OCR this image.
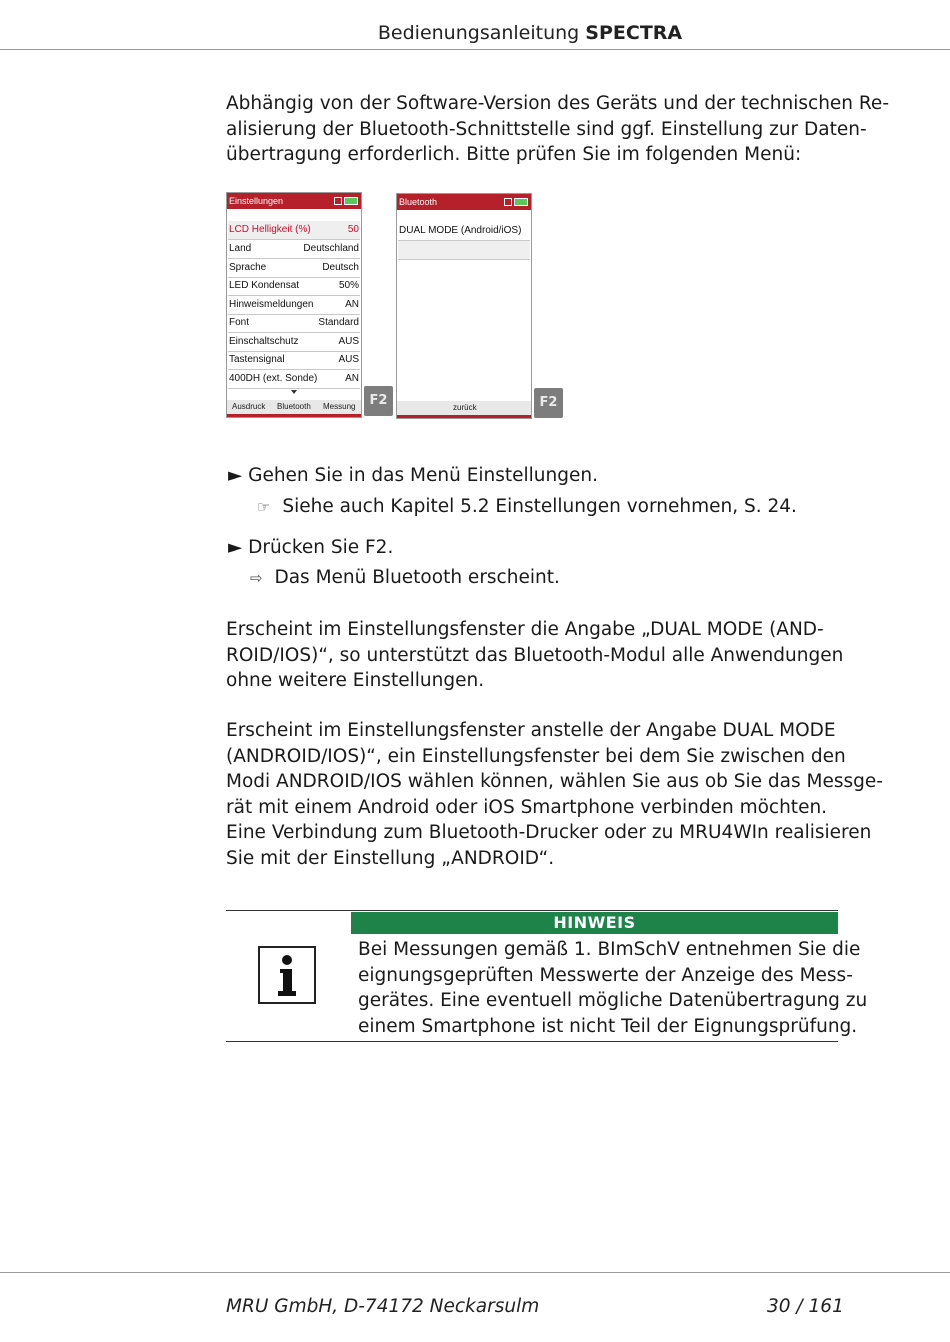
Bedienungsanleitung SPECTRA
Abhängig von der Software-Version des Geräts und der technischen Re-
alisierung der Bluetooth-Schnittstelle sind ggf. Einstellung zur Daten-
übertragung erforderlich. Bitte prüfen Sie im folgenden Menü:
Einstellungen
LCD Helligkeit (%)	50
Land	Deutschland
Sprache	Deutsch
LED Kondensat	50%
Hinweismeldungen	AN
Font	Standard
Einschaltschutz	AUS
Tastensignal	AUS
400DH (ext. Sonde)	AN
Ausdruck Bluetooth Messung	F2
Bluetooth
DUAL MODE (Android/iOS)
zurück	F2
► Gehen Sie in das Menü Einstellungen.
☞ Siehe auch Kapitel 5.2 Einstellungen vornehmen, S. 24.
► Drücken Sie F2.
⇨ Das Menü Bluetooth erscheint.
Erscheint im Einstellungsfenster die Angabe „DUAL MODE (AND-
ROID/IOS)“, so unterstützt das Bluetooth-Modul alle Anwendungen
ohne weitere Einstellungen.
Erscheint im Einstellungsfenster anstelle der Angabe DUAL MODE
(ANDROID/IOS)“, ein Einstellungsfenster bei dem Sie zwischen den
Modi ANDROID/IOS wählen können, wählen Sie aus ob Sie das Messge-
rät mit einem Android oder iOS Smartphone verbinden möchten.
Eine Verbindung zum Bluetooth-Drucker oder zu MRU4WIn realisieren
Sie mit der Einstellung „ANDROID“.
HINWEIS
Bei Messungen gemäß 1. BImSchV entnehmen Sie die
eignungsgeprüften Messwerte der Anzeige des Mess-
gerätes. Eine eventuell mögliche Datenübertragung zu
einem Smartphone ist nicht Teil der Eignungsprüfung.
MRU GmbH, D-74172 Neckarsulm	30 / 161
